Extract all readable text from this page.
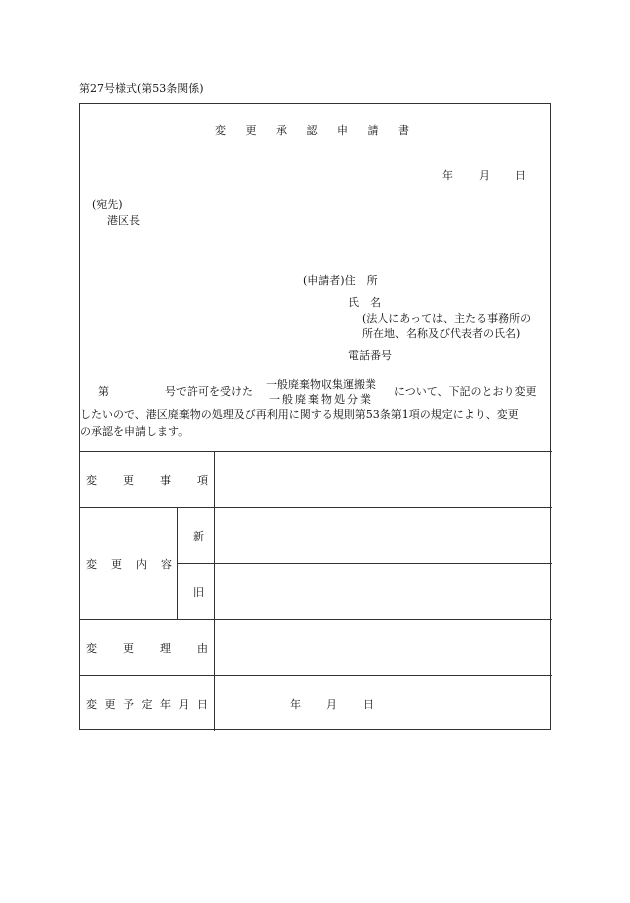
第27号様式(第53条関係)
変 更 承 認 申 請 書
年 月 日
(宛先)
港区長
(申請者)住　所
氏　名
(法人にあっては、主たる事務所の
所在地、名称及び代表者の氏名)
電話番号
第	号で許可を受けた
一般廃棄物収集運搬業
一般廃棄物処分業
について、下記のとおり変更
したいので、港区廃棄物の処理及び再利用に関する規則第53条第1項の規定により、変更
の承認を申請します。
変 更 事 項
変 更 内 容
新
旧
変 更 理 由
変 更 予 定 年 月 日	年 月 日
